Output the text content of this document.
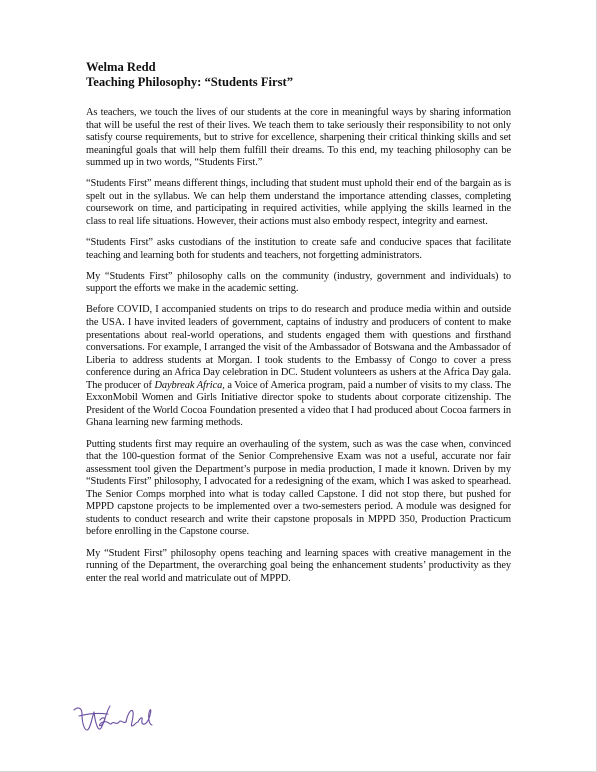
Welma Redd

Teaching Philosophy: “Students First”

As teachers, we touch the lives of our students at the core in meaningful ways by sharing information that will be useful the rest of their lives. We teach them to take seriously their responsibility to not only satisfy course requirements, but to strive for excellence, sharpening their critical thinking skills and set meaningful goals that will help them fulfill their dreams. To this end, my teaching philosophy can be summed up in two words, “Students First.”

“Students First” means different things, including that student must uphold their end of the bargain as is spelt out in the syllabus. We can help them understand the importance attending classes, completing coursework on time, and participating in required activities, while applying the skills learned in the class to real life situations. However, their actions must also embody respect, integrity and earnest.

“Students First” asks custodians of the institution to create safe and conducive spaces that facilitate teaching and learning both for students and teachers, not forgetting administrators.

My “Students First” philosophy calls on the community (industry, government and individuals) to support the efforts we make in the academic setting.

Before COVID, I accompanied students on trips to do research and produce media within and outside the USA. I have invited leaders of government, captains of industry and producers of content to make presentations about real-world operations, and students engaged them with questions and firsthand conversations. For example, I arranged the visit of the Ambassador of Botswana and the Ambassador of Liberia to address students at Morgan. I took students to the Embassy of Congo to cover a press conference during an Africa Day celebration in DC. Student volunteers as ushers at the Africa Day gala. The producer of Daybreak Africa, a Voice of America program, paid a number of visits to my class. The ExxonMobil Women and Girls Initiative director spoke to students about corporate citizenship. The President of the World Cocoa Foundation presented a video that I had produced about Cocoa farmers in Ghana learning new farming methods.

Putting students first may require an overhauling of the system, such as was the case when, convinced that the 100-question format of the Senior Comprehensive Exam was not a useful, accurate nor fair assessment tool given the Department’s purpose in media production, I made it known. Driven by my “Students First” philosophy, I advocated for a redesigning of the exam, which I was asked to spearhead. The Senior Comps morphed into what is today called Capstone. I did not stop there, but pushed for MPPD capstone projects to be implemented over a two-semesters period. A module was designed for students to conduct research and write their capstone proposals in MPPD 350, Production Practicum before enrolling in the Capstone course.

My “Student First” philosophy opens teaching and learning spaces with creative management in the running of the Department, the overarching goal being the enhancement students’ productivity as they enter the real world and matriculate out of MPPD.
